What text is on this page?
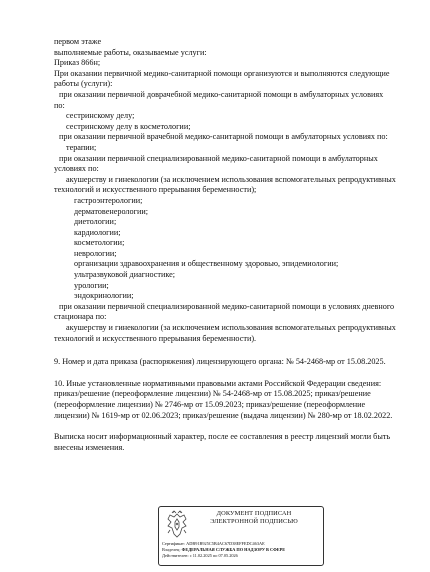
первом этаже
выполняемые работы, оказываемые услуги:
Приказ 866н;
При оказании первичной медико-санитарной помощи организуются и выполняются следующие
работы (услуги):
при оказании первичной доврачебной медико-санитарной помощи в амбулаторных условиях
по:
сестринскому делу;
сестринскому делу в косметологии;
при оказании первичной врачебной медико-санитарной помощи в амбулаторных условиях по:
терапии;
при оказании первичной специализированной медико-санитарной помощи в амбулаторных
условиях по:
акушерству и гинекологии (за исключением использования вспомогательных репродуктивных
технологий и искусственного прерывания беременности);
гастроэнтерологии;
дерматовенерологии;
диетологии;
кардиологии;
косметологии;
неврологии;
организации здравоохранения и общественному здоровью, эпидемиологии;
ультразвуковой диагностике;
урологии;
эндокринологии;
при оказании первичной специализированной медико-санитарной помощи в условиях дневного
стационара по:
акушерству и гинекологии (за исключением использования вспомогательных репродуктивных
технологий и искусственного прерывания беременности).
9. Номер и дата приказа (распоряжения) лицензирующего органа: № 54-2468-мр от 15.08.2025.
10. Иные установленные нормативными правовыми актами Российской Федерации сведения:
приказ/решение (переоформление лицензии) № 54-2468-мр от 15.08.2025; приказ/решение
(переоформление лицензии) № 2746-мр от 15.09.2023; приказ/решение (переоформление
лицензии) № 1619-мр от 02.06.2023; приказ/решение (выдача лицензии) № 280-мр от 18.02.2022.
Выписка носит информационный характер, после ее составления в реестр лицензий могли быть
внесены изменения.
ДОКУМЕНТ ПОДПИСАН
ЭЛЕКТРОННОЙ ПОДПИСЬЮ
Сертификат: ADB91B925C5B4AC67D38EFFEDC463AE
Владелец: ФЕДЕРАЛЬНАЯ СЛУЖБА ПО НАДЗОРУ В СФЕРЕ
Действителен: с 11.02.2025 по 07.05.2026
